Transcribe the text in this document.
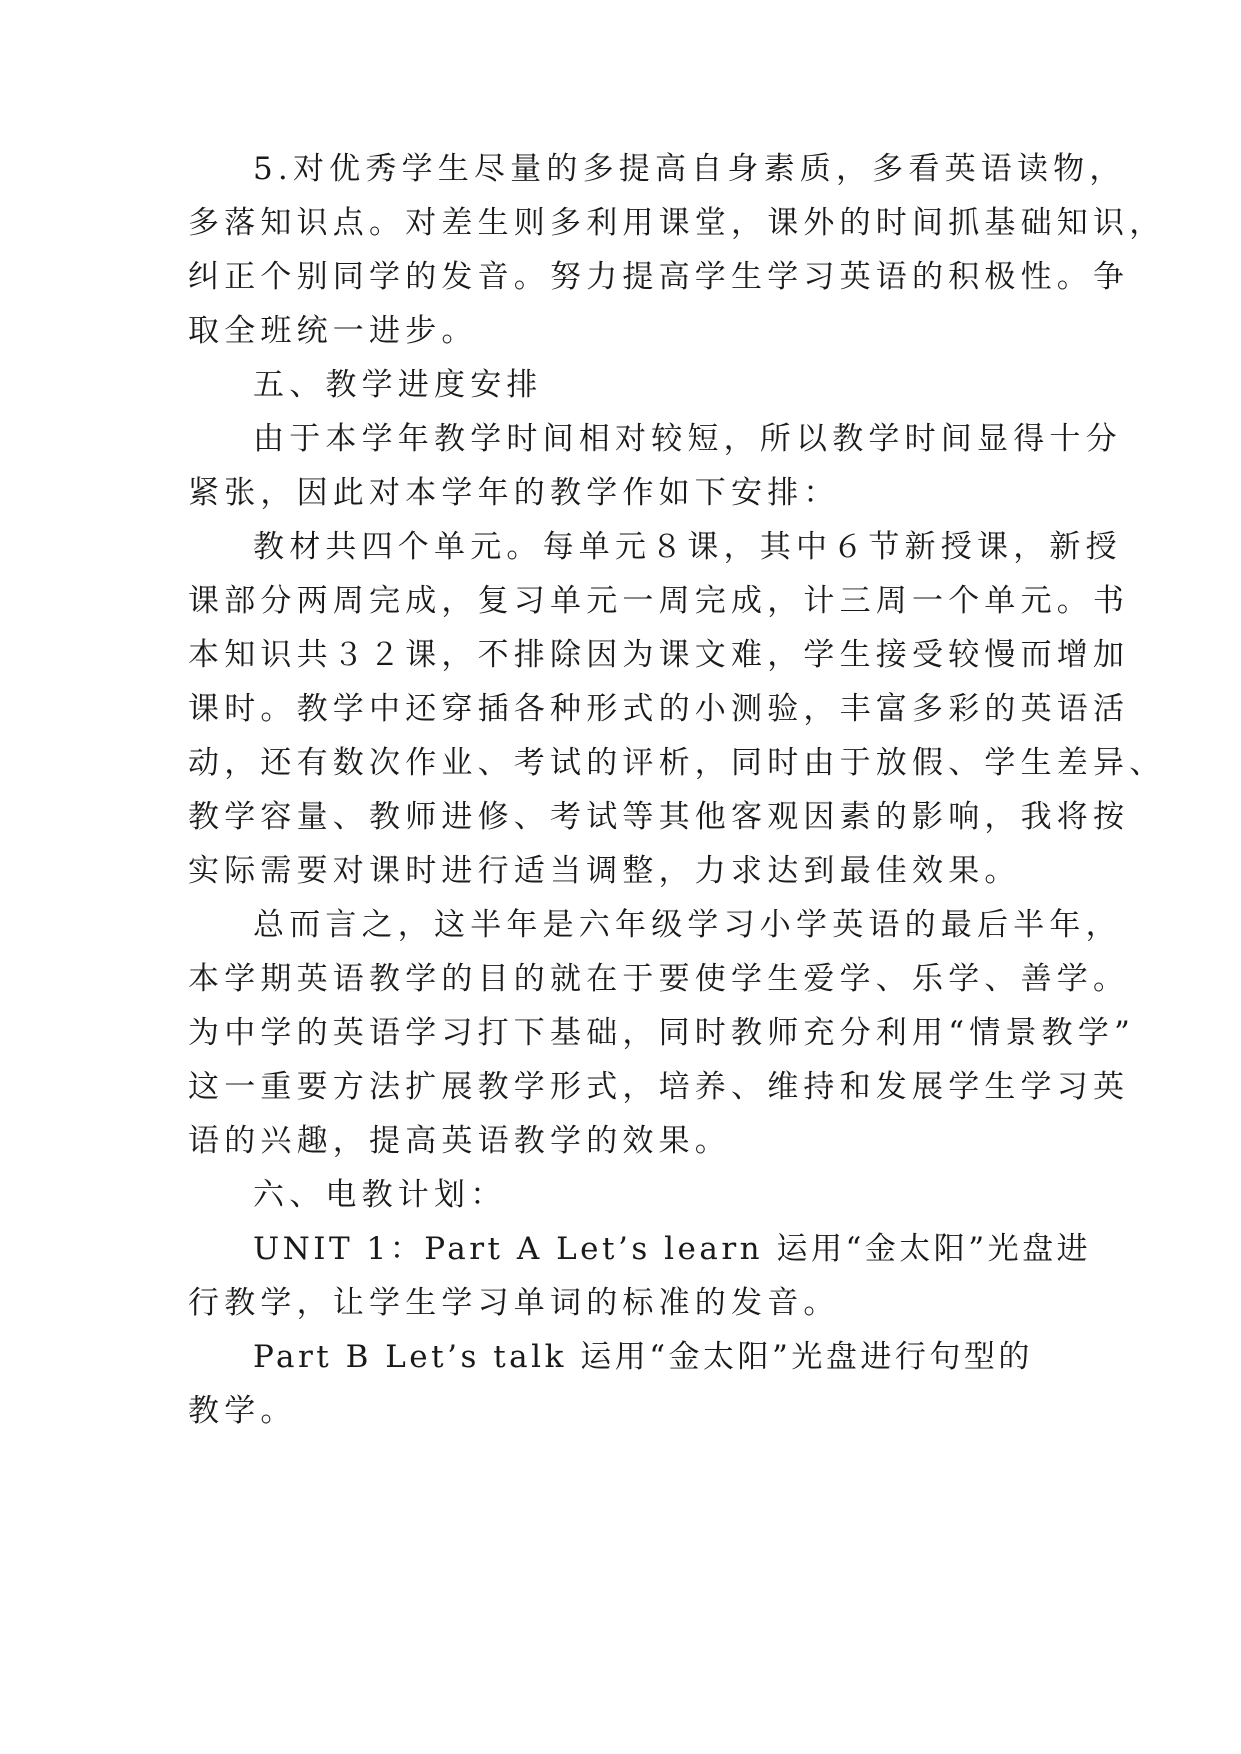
5.对优秀学生尽量的多提高自身素质，多看英语读物，
多落知识点。对差生则多利用课堂，课外的时间抓基础知识，
纠正个别同学的发音。努力提高学生学习英语的积极性。争
取全班统一进步。
五、教学进度安排
由于本学年教学时间相对较短，所以教学时间显得十分
紧张，因此对本学年的教学作如下安排：
教材共四个单元。每单元８课，其中６节新授课，新授
课部分两周完成，复习单元一周完成，计三周一个单元。书
本知识共３２课，不排除因为课文难，学生接受较慢而增加
课时。教学中还穿插各种形式的小测验，丰富多彩的英语活
动，还有数次作业、考试的评析，同时由于放假、学生差异、
教学容量、教师进修、考试等其他客观因素的影响，我将按
实际需要对课时进行适当调整，力求达到最佳效果。
总而言之，这半年是六年级学习小学英语的最后半年，
本学期英语教学的目的就在于要使学生爱学、乐学、善学。
为中学的英语学习打下基础，同时教师充分利用“情景教学”
这一重要方法扩展教学形式，培养、维持和发展学生学习英
语的兴趣，提高英语教学的效果。
六、电教计划：
UNIT 1：Part A Let’s learn 运用“金太阳”光盘进
行教学，让学生学习单词的标准的发音。
Part B Let’s talk 运用“金太阳”光盘进行句型的
教学。
